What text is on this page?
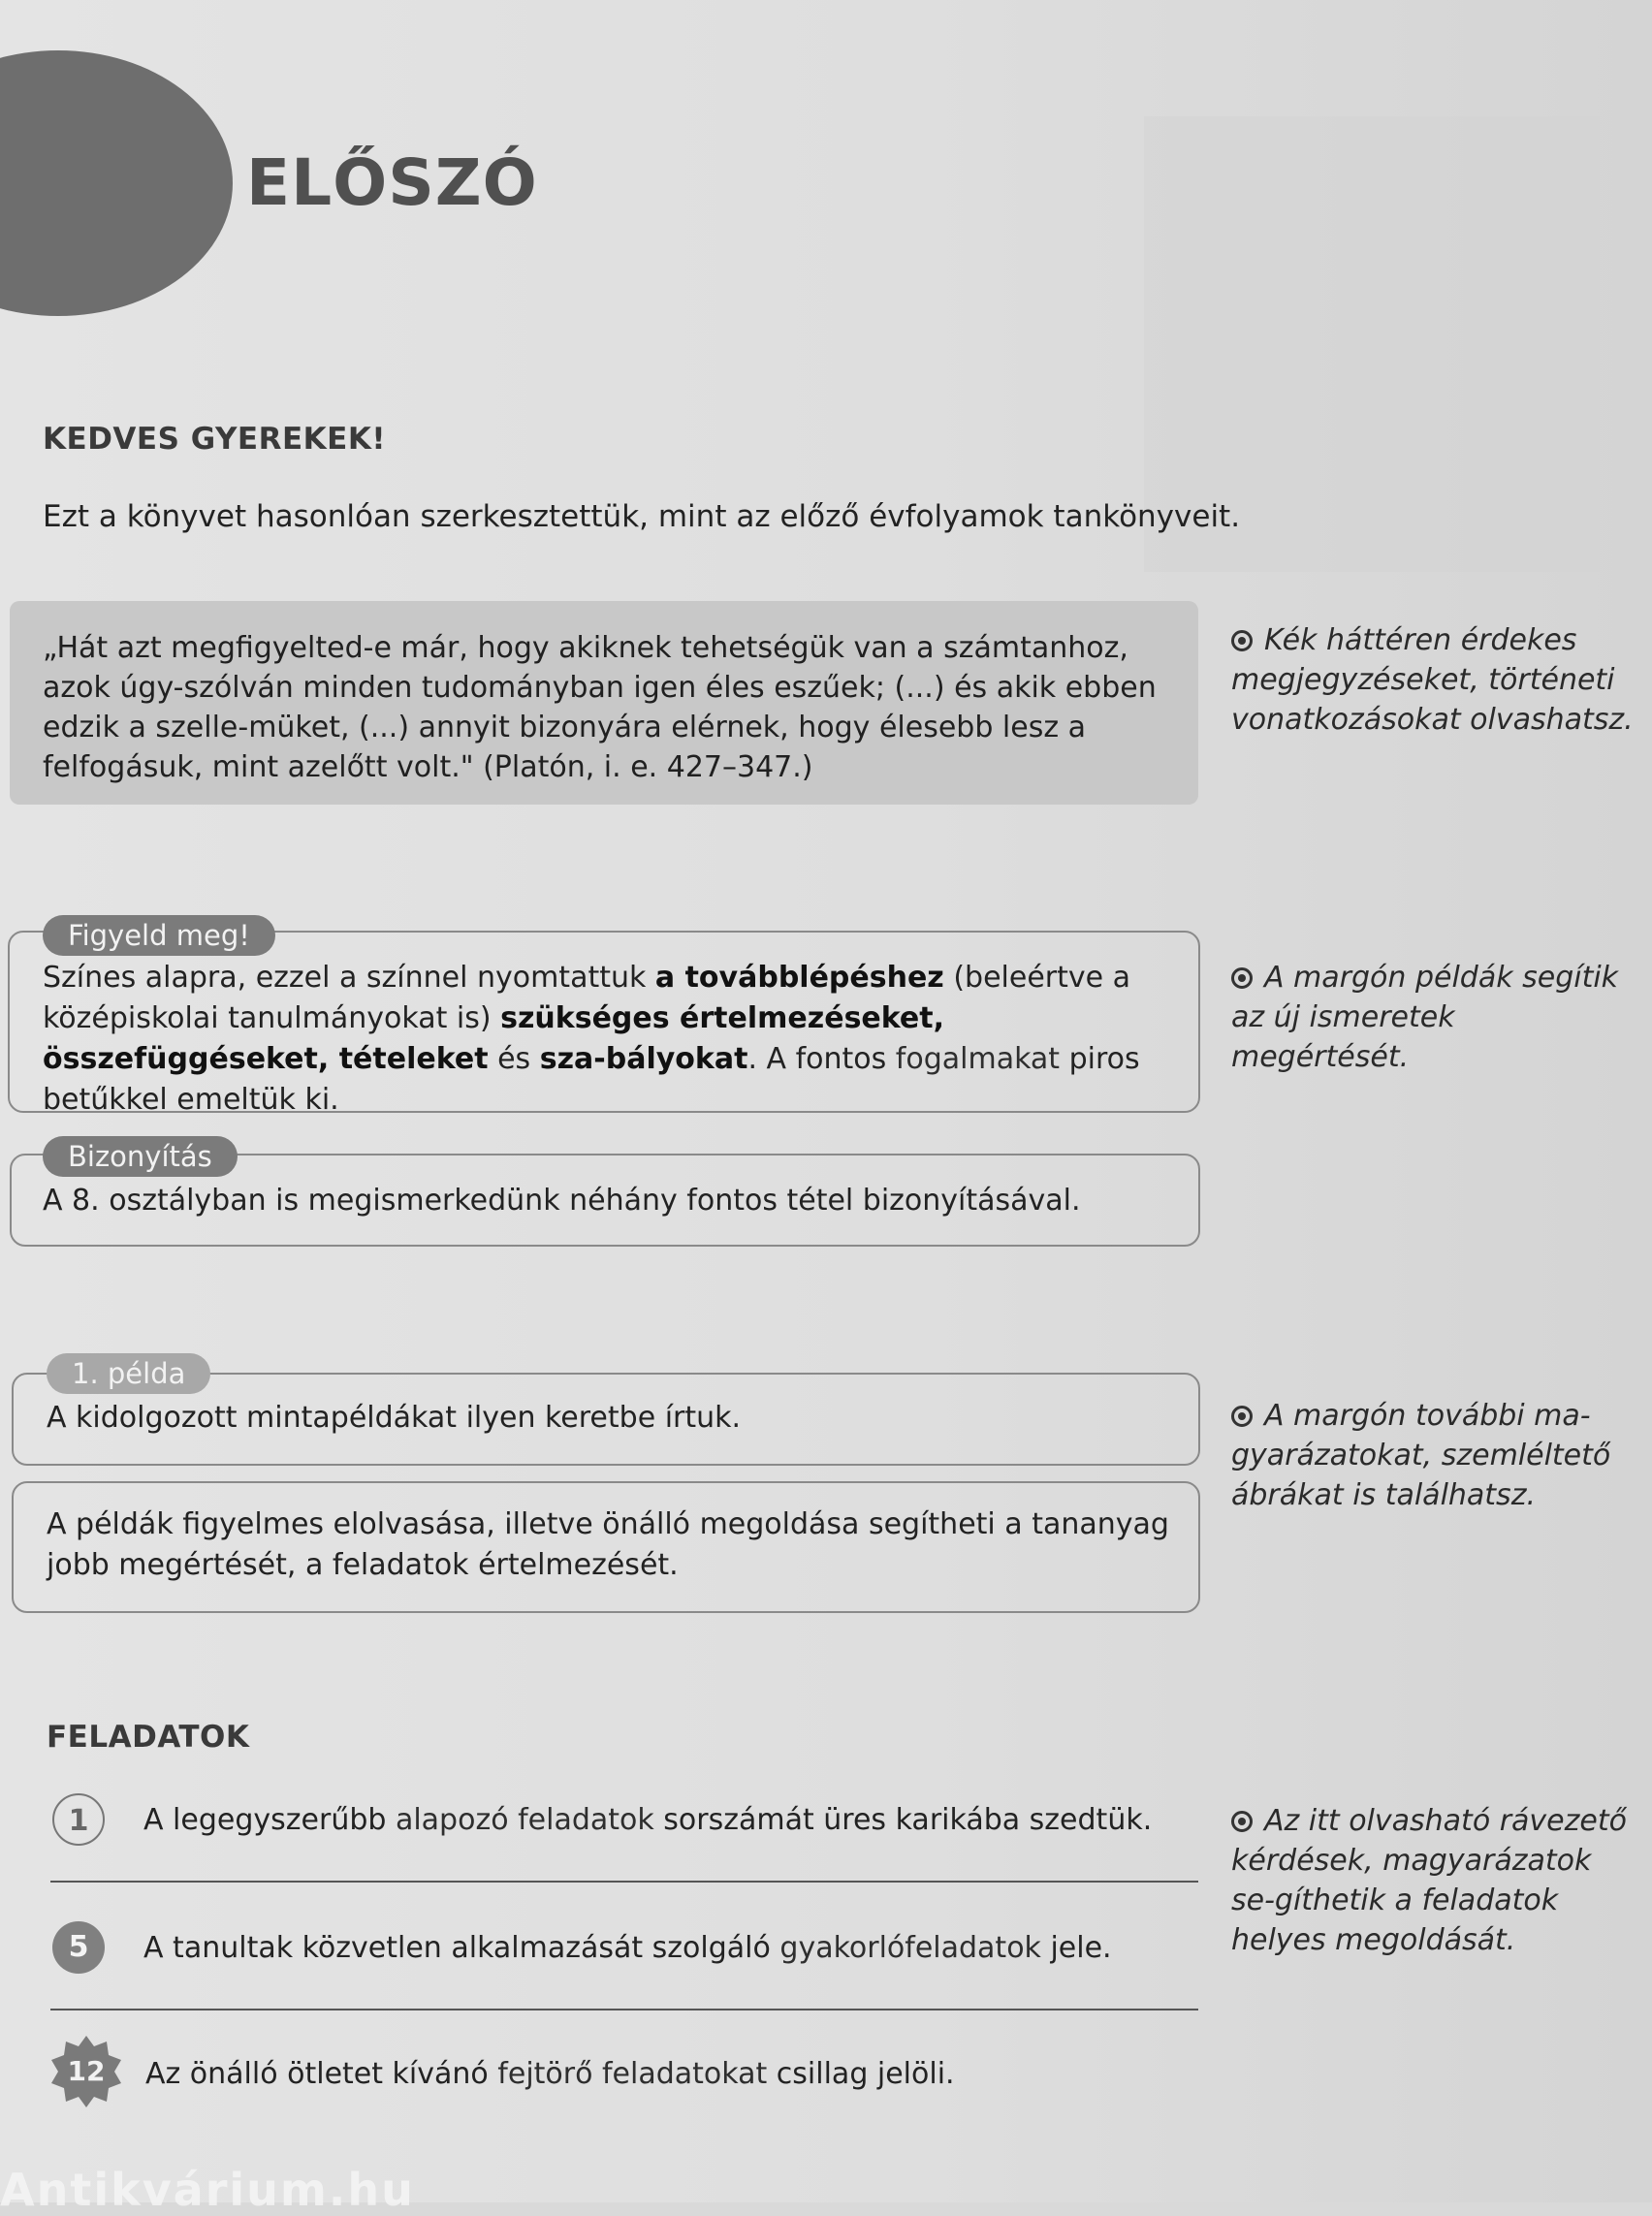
ELŐSZÓ
KEDVES GYEREKEK!
Ezt a könyvet hasonlóan szerkesztettük, mint az előző évfolyamok tankönyveit.
„Hát azt megfigyelted-e már, hogy akiknek tehetségük van a számtanhoz, azok úgy-szólván minden tudományban igen éles eszűek; (...) és akik ebben edzik a szelle-müket, (...) annyit bizonyára elérnek, hogy élesebb lesz a felfogásuk, mint azelőtt volt." (Platón, i. e. 427–347.)
Kék háttéren érdekes megjegyzéseket, történeti vonatkozásokat olvashatsz.
Figyeld meg!
Színes alapra, ezzel a színnel nyomtattuk a továbblépéshez (beleértve a középiskolai tanulmányokat is) szükséges értelmezéseket, összefüggéseket, tételeket és sza-bályokat. A fontos fogalmakat piros betűkkel emeltük ki.
A margón példák segítik az új ismeretek megértését.
Bizonyítás
A 8. osztályban is megismerkedünk néhány fontos tétel bizonyításával.
1. példa
A kidolgozott mintapéldákat ilyen keretbe írtuk.
A példák figyelmes elolvasása, illetve önálló megoldása segítheti a tananyag jobb megértését, a feladatok értelmezését.
A margón további ma-gyarázatokat, szemléltető ábrákat is találhatsz.
FELADATOK
1	A legegyszerűbb alapozó feladatok sorszámát üres karikába szedtük.
5	A tanultak közvetlen alkalmazását szolgáló gyakorlófeladatok jele.
12	Az önálló ötletet kívánó fejtörő feladatokat csillag jelöli.
Az itt olvasható rávezető kérdések, magyarázatok se-gíthetik a feladatok helyes megoldását.
Antikvárium.hu
